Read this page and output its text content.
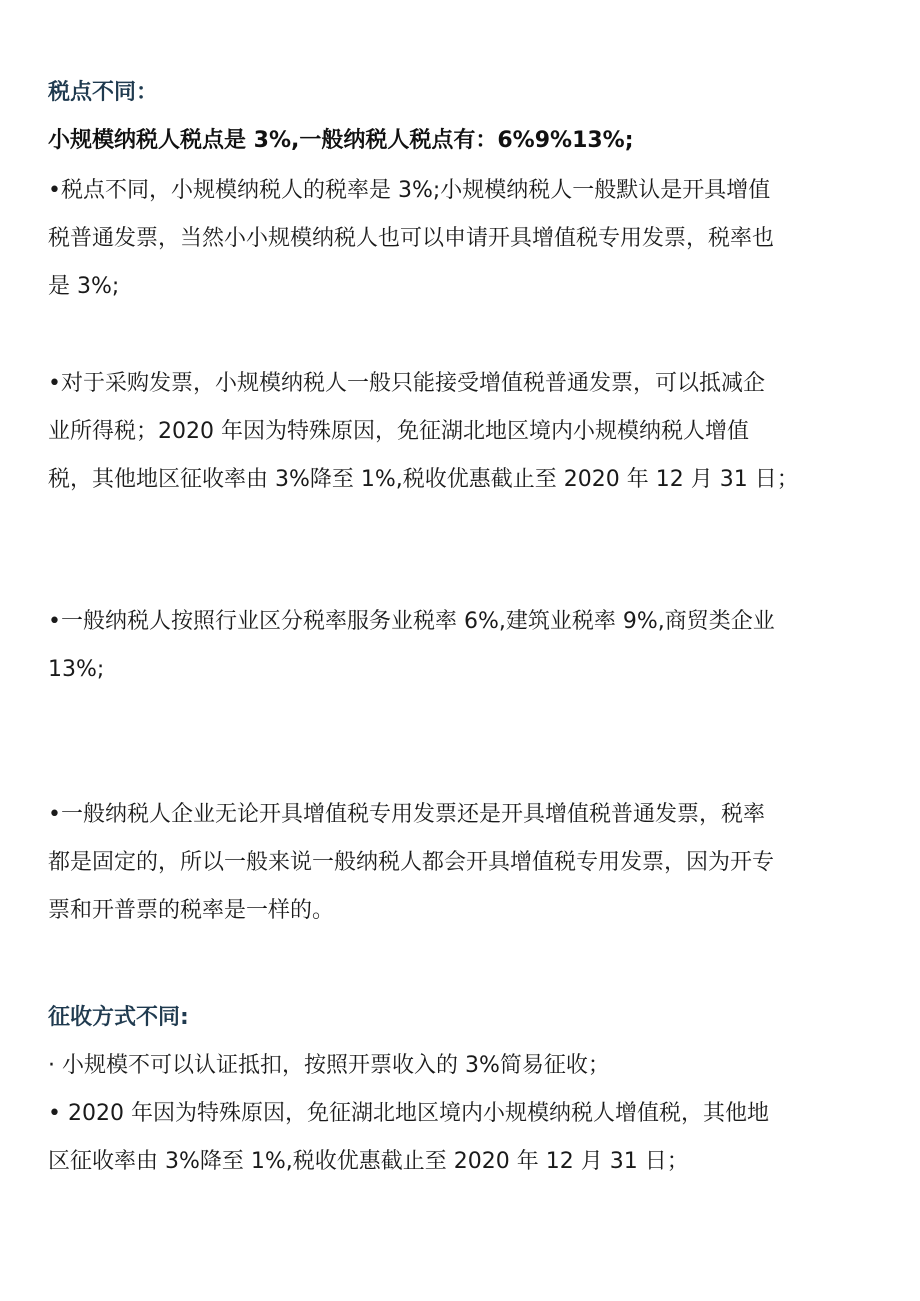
税点不同：
小规模纳税人税点是 3%,一般纳税人税点有：6%9%13%;
•税点不同，小规模纳税人的税率是 3%;小规模纳税人一般默认是开具增值
税普通发票，当然小小规模纳税人也可以申请开具增值税专用发票，税率也
是 3%;
•对于采购发票，小规模纳税人一般只能接受增值税普通发票，可以抵减企
业所得税；2020 年因为特殊原因，免征湖北地区境内小规模纳税人增值
税，其他地区征收率由 3%降至 1%,税收优惠截止至 2020 年 12 月 31 日；
•一般纳税人按照行业区分税率服务业税率 6%,建筑业税率 9%,商贸类企业
13%;
•一般纳税人企业无论开具增值税专用发票还是开具增值税普通发票，税率
都是固定的，所以一般来说一般纳税人都会开具增值税专用发票，因为开专
票和开普票的税率是一样的。
征收方式不同:
· 小规模不可以认证抵扣，按照开票收入的 3%简易征收；
• 2020 年因为特殊原因，免征湖北地区境内小规模纳税人增值税，其他地
区征收率由 3%降至 1%,税收优惠截止至 2020 年 12 月 31 日；
